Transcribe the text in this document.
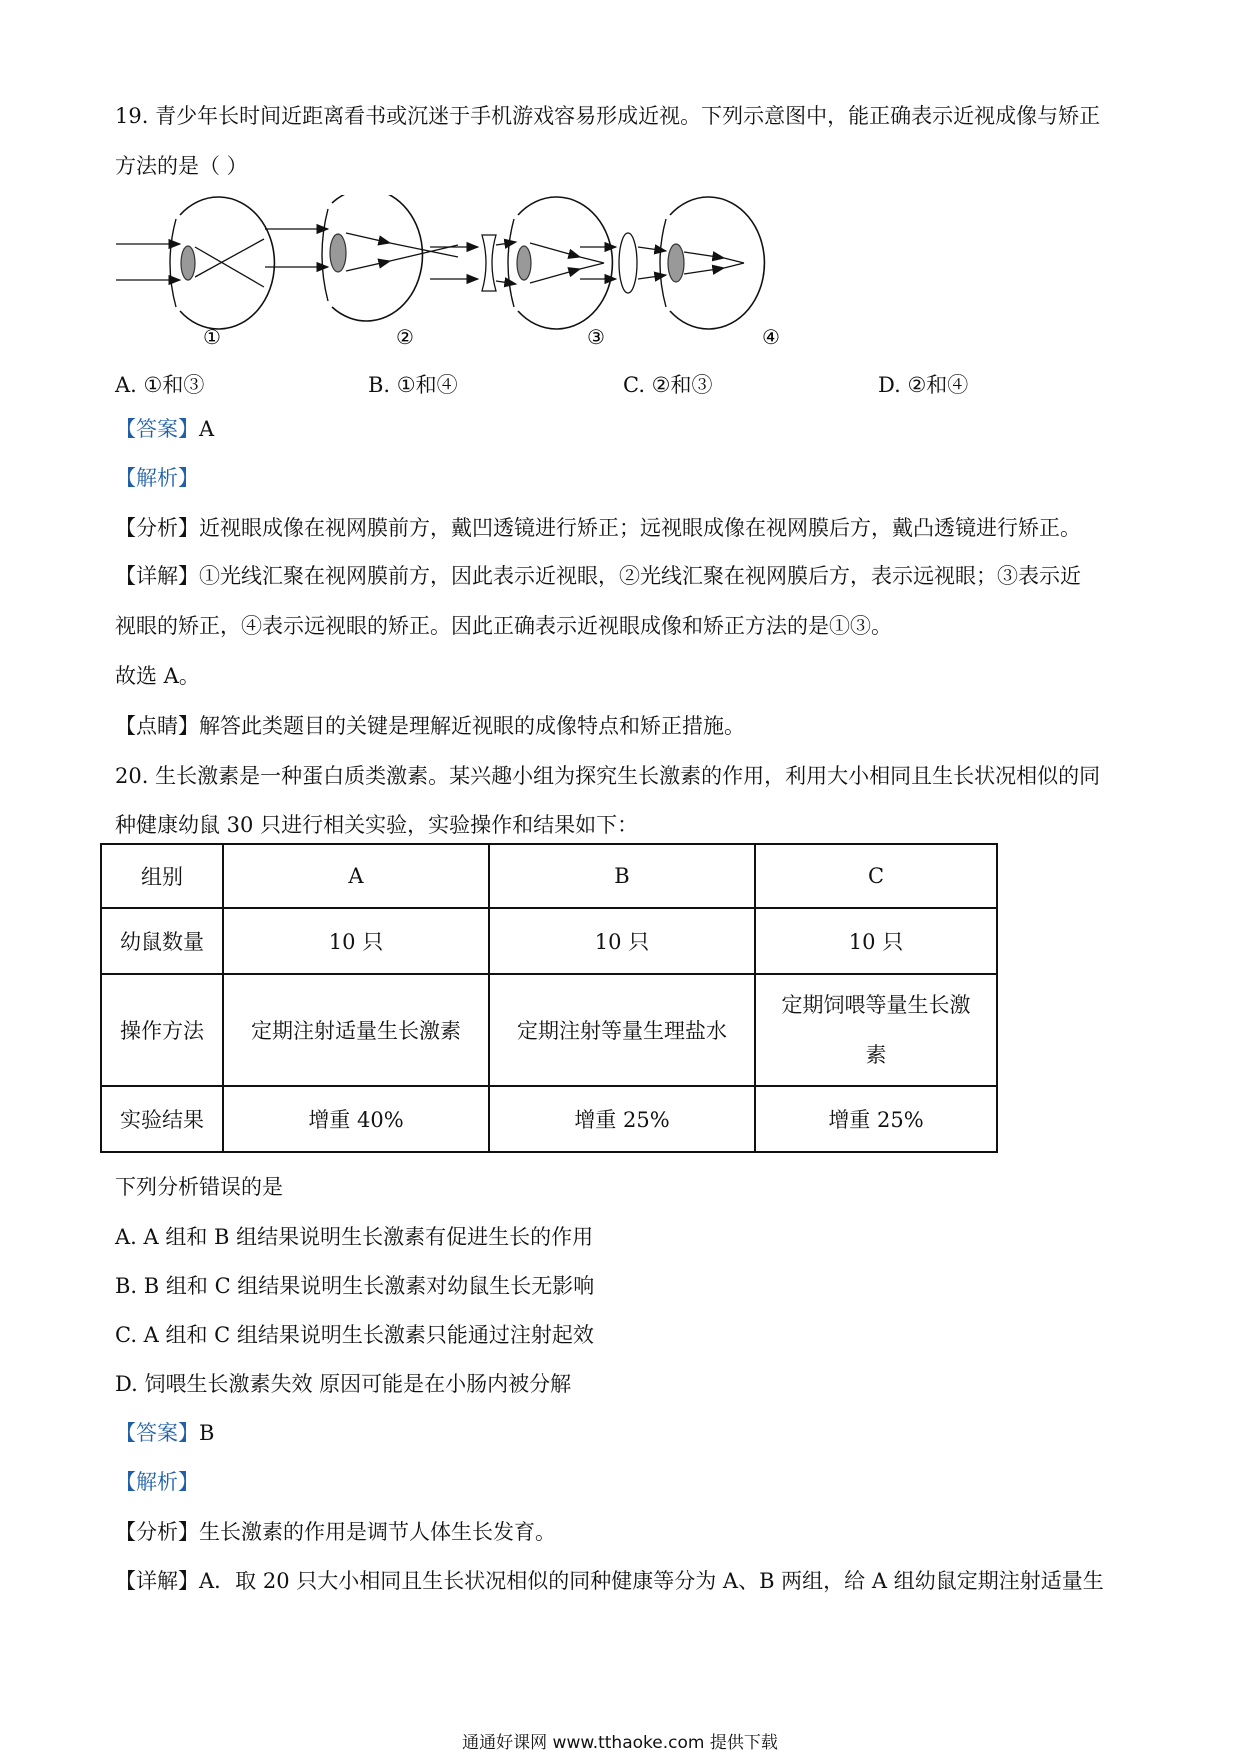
19. 青少年长时间近距离看书或沉迷于手机游戏容易形成近视。下列示意图中，能正确表示近视成像与矫正
方法的是（ ）
①	②	③	④
A. ①和③	B. ①和④	C. ②和③	D. ②和④
【答案】A
【解析】
【分析】近视眼成像在视网膜前方，戴凹透镜进行矫正；远视眼成像在视网膜后方，戴凸透镜进行矫正。
【详解】①光线汇聚在视网膜前方，因此表示近视眼，②光线汇聚在视网膜后方，表示远视眼；③表示近
视眼的矫正，④表示远视眼的矫正。因此正确表示近视眼成像和矫正方法的是①③。
故选 A。
【点睛】解答此类题目的关键是理解近视眼的成像特点和矫正措施。
20. 生长激素是一种蛋白质类激素。某兴趣小组为探究生长激素的作用，利用大小相同且生长状况相似的同
种健康幼鼠 30 只进行相关实验，实验操作和结果如下：
组别	A	B	C
幼鼠数量	10 只	10 只	10 只
操作方法	定期注射适量生长激素	定期注射等量生理盐水	定期饲喂等量生长激素
实验结果	增重 40%	增重 25%	增重 25%
下列分析错误的是
A. A 组和 B 组结果说明生长激素有促进生长的作用
B. B 组和 C 组结果说明生长激素对幼鼠生长无影响
C. A 组和 C 组结果说明生长激素只能通过注射起效
D. 饲喂生长激素失效 原因可能是在小肠内被分解
【答案】B
【解析】
【分析】生长激素的作用是调节人体生长发育。
【详解】A．取 20 只大小相同且生长状况相似的同种健康等分为 A、B 两组，给 A 组幼鼠定期注射适量生
通通好课网 www.tthaoke.com 提供下载
